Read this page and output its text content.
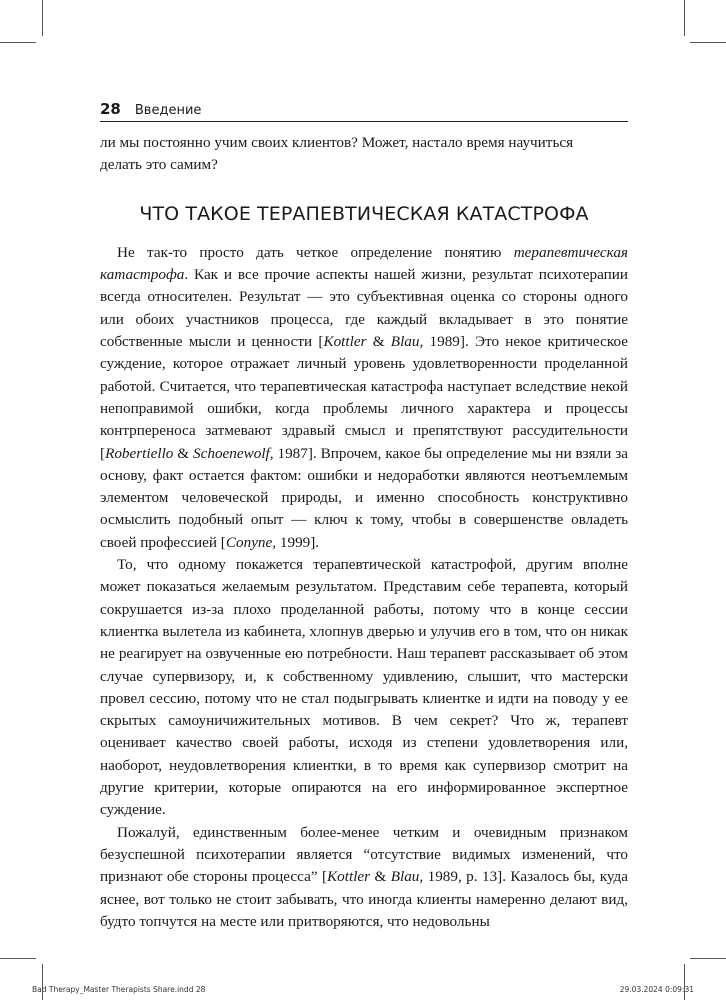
28 Введение

ли мы постоянно учим своих клиентов? Может, настало время научиться
делать это самим?

ЧТО ТАКОЕ ТЕРАПЕВТИЧЕСКАЯ КАТАСТРОФА

Не так-то просто дать четкое определение понятию терапевтическая катастрофа. Как и все прочие аспекты нашей жизни, результат психотерапии всегда относителен. Результат — это субъективная оценка со стороны одного или обоих участников процесса, где каждый вкладывает в это понятие собственные мысли и ценности [Kottler & Blau, 1989]. Это некое критическое суждение, которое отражает личный уровень удовлетворенности проделанной работой. Считается, что терапевтическая катастрофа наступает вследствие некой непоправимой ошибки, когда проблемы личного характера и процессы контрпереноса затмевают здравый смысл и препятствуют рассудительности [Robertiello & Schoenewolf, 1987]. Впрочем, какое бы определение мы ни взяли за основу, факт остается фактом: ошибки и недоработки являются неотъемлемым элементом человеческой природы, и именно способность конструктивно осмыслить подобный опыт — ключ к тому, чтобы в совершенстве овладеть своей профессией [Conyne, 1999].

То, что одному покажется терапевтической катастрофой, другим вполне может показаться желаемым результатом. Представим себе терапевта, который сокрушается из-за плохо проделанной работы, потому что в конце сессии клиентка вылетела из кабинета, хлопнув дверью и улучив его в том, что он никак не реагирует на озвученные ею потребности. Наш терапевт рассказывает об этом случае супервизору, и, к собственному удивлению, слышит, что мастерски провел сессию, потому что не стал подыгрывать клиентке и идти на поводу у ее скрытых самоуничижительных мотивов. В чем секрет? Что ж, терапевт оценивает качество своей работы, исходя из степени удовлетворения или, наоборот, неудовлетворения клиентки, в то время как супервизор смотрит на другие критерии, которые опираются на его информированное экспертное суждение.

Пожалуй, единственным более-менее четким и очевидным признаком безуспешной психотерапии является “отсутствие видимых изменений, что признают обе стороны процесса” [Kottler & Blau, 1989, p. 13]. Казалось бы, куда яснее, вот только не стоит забывать, что иногда клиенты намеренно делают вид, будто топчутся на месте или притворяются, что недовольны

Bad Therapy_Master Therapists Share.indd 28	29.03.2024 0:09:31
